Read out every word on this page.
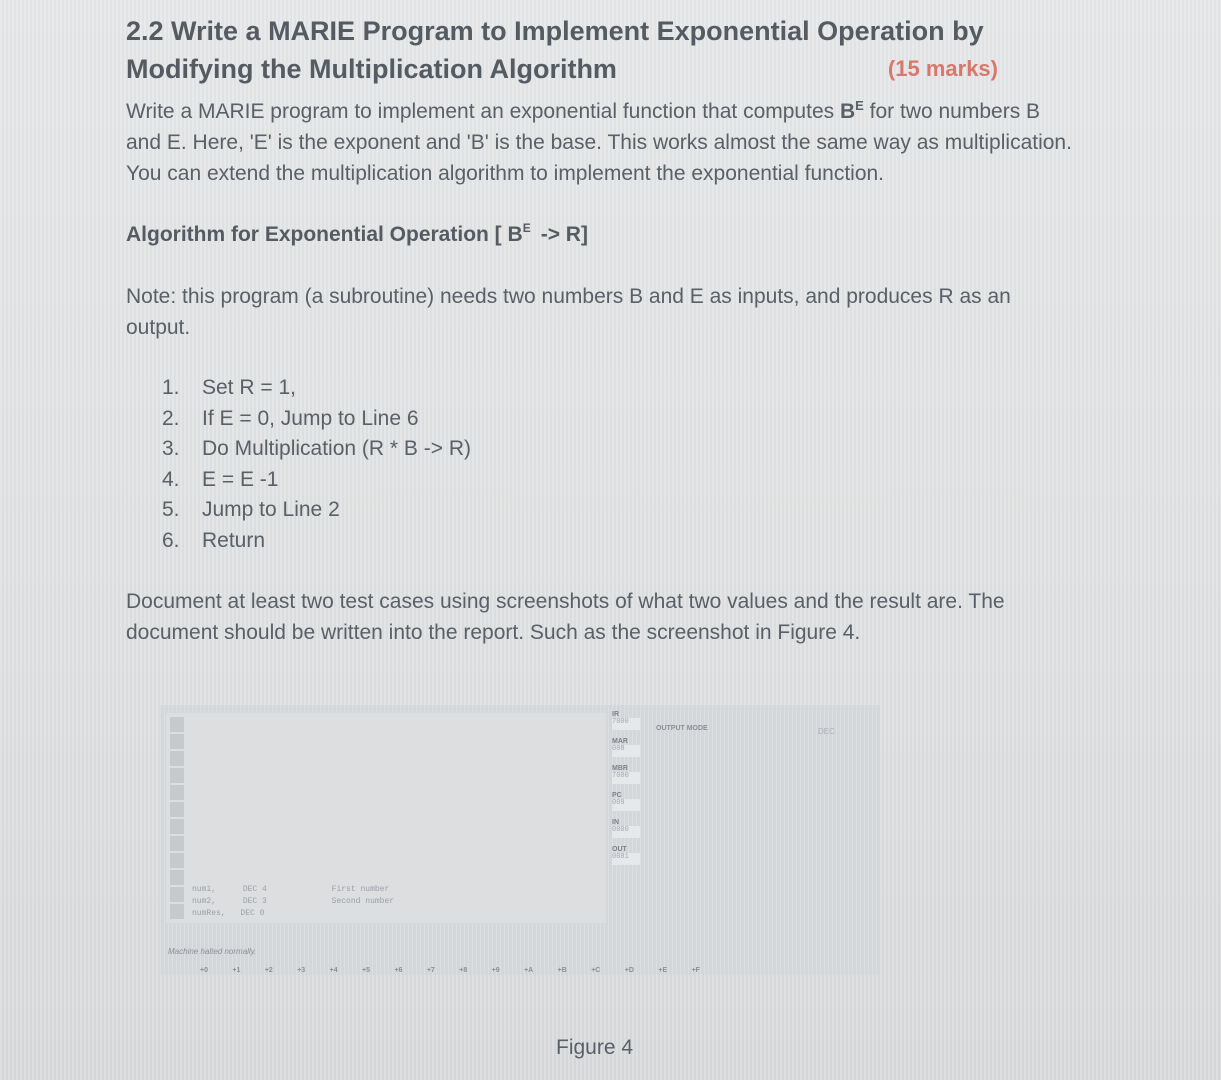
2.2 Write a MARIE Program to Implement Exponential Operation by
Modifying the Multiplication Algorithm	(15 marks)

Write a MARIE program to implement an exponential function that computes $B^E$ for two numbers B and E. Here, 'E' is the exponent and 'B' is the base. This works almost the same way as multiplication. You can extend the multiplication algorithm to implement the exponential function.

Algorithm for Exponential Operation [ $B^E -> R$]

Note: this program (a subroutine) needs two numbers B and E as inputs, and produces R as an output.

1. Set R = 1,
2. If E = 0, Jump to Line 6
3. Do Multiplication (R * B -> R)
4. E = E -1
5. Jump to Line 2
6. Return

Document at least two test cases using screenshots of what two values and the result are. The document should be written into the report. Such as the screenshot in Figure 4.

num1,	DEC 4	First number
num2,	DEC 3	Second number
numRes, DEC 0
IR
7000
MAR
008
MBR
7000
PC
009
IN
0000
OUT
0081
OUTPUT MODE	DEC
Machine halted normally.
+0	+1	+2	+3	+4	+5	+6	+7	+8	+9	+A	+B	+C	+D	+E	+F
Figure 4
